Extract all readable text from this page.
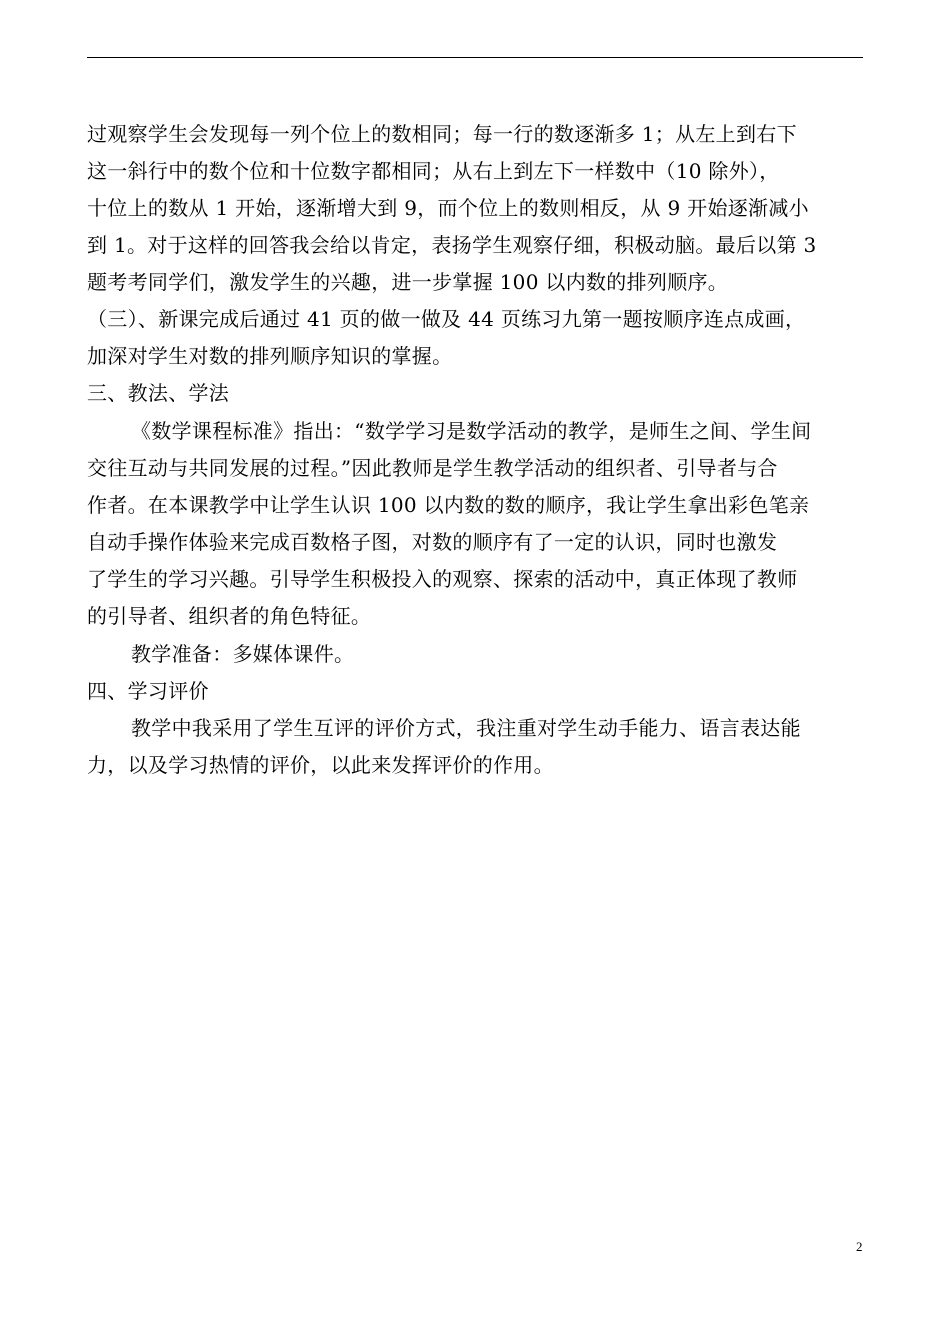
过观察学生会发现每一列个位上的数相同；每一行的数逐渐多 1；从左上到右下
这一斜行中的数个位和十位数字都相同；从右上到左下一样数中（10 除外），
十位上的数从 1 开始，逐渐增大到 9，而个位上的数则相反，从 9 开始逐渐减小
到 1。对于这样的回答我会给以肯定，表扬学生观察仔细，积极动脑。最后以第 3
题考考同学们，激发学生的兴趣，进一步掌握 100 以内数的排列顺序。
（三）、新课完成后通过 41 页的做一做及 44 页练习九第一题按顺序连点成画，
加深对学生对数的排列顺序知识的掌握。
三、教法、学法
《数学课程标准》指出：“数学学习是数学活动的教学，是师生之间、学生间
交往互动与共同发展的过程。”因此教师是学生教学活动的组织者、引导者与合
作者。在本课教学中让学生认识 100 以内数的数的顺序，我让学生拿出彩色笔亲
自动手操作体验来完成百数格子图，对数的顺序有了一定的认识，同时也激发
了学生的学习兴趣。引导学生积极投入的观察、探索的活动中，真正体现了教师
的引导者、组织者的角色特征。
教学准备：多媒体课件。
四、学习评价
教学中我采用了学生互评的评价方式，我注重对学生动手能力、语言表达能
力，以及学习热情的评价，以此来发挥评价的作用。
2
